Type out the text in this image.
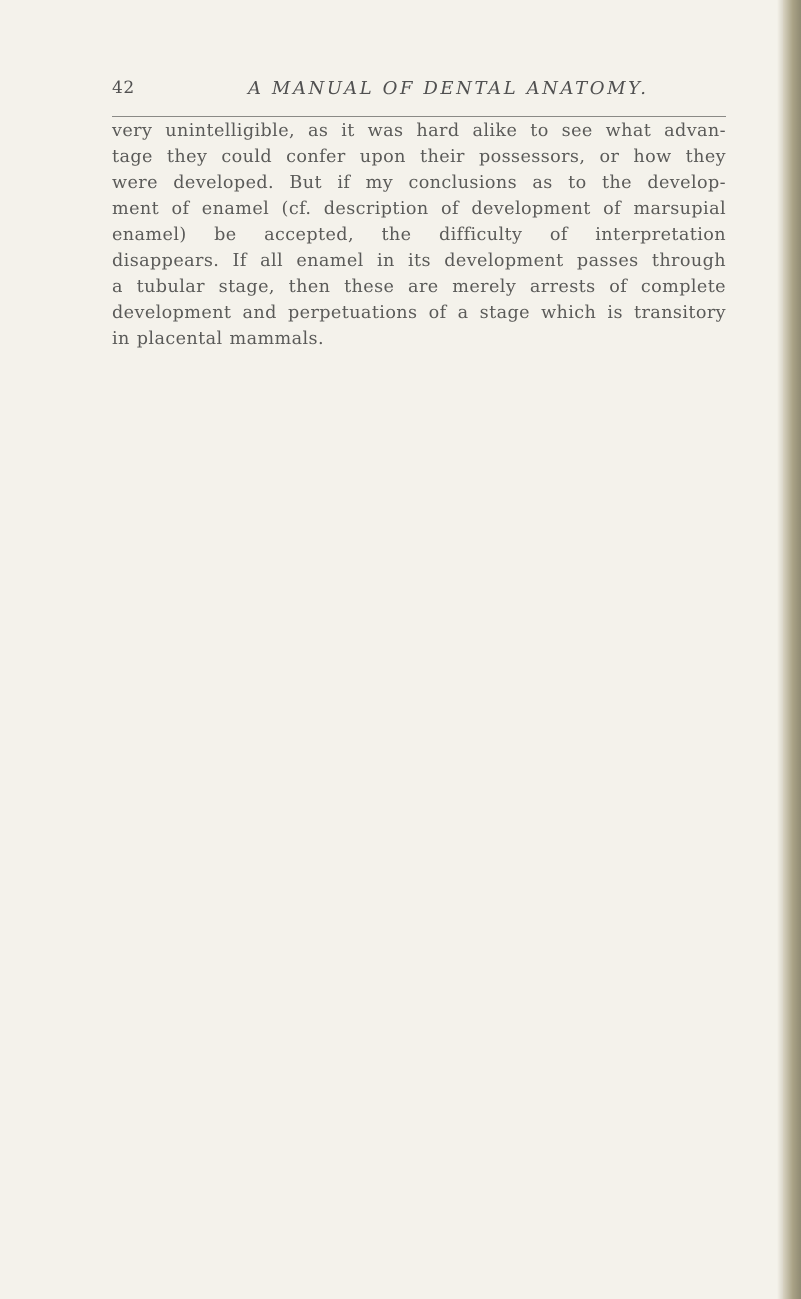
42	A MANUAL OF DENTAL ANATOMY.
very unintelligible, as it was hard alike to see what advan-
tage they could confer upon their possessors, or how they
were developed. But if my conclusions as to the develop-
ment of enamel (cf. description of development of marsupial
enamel) be accepted, the difficulty of interpretation
disappears. If all enamel in its development passes through
a tubular stage, then these are merely arrests of complete
development and perpetuations of a stage which is transitory
in placental mammals.
